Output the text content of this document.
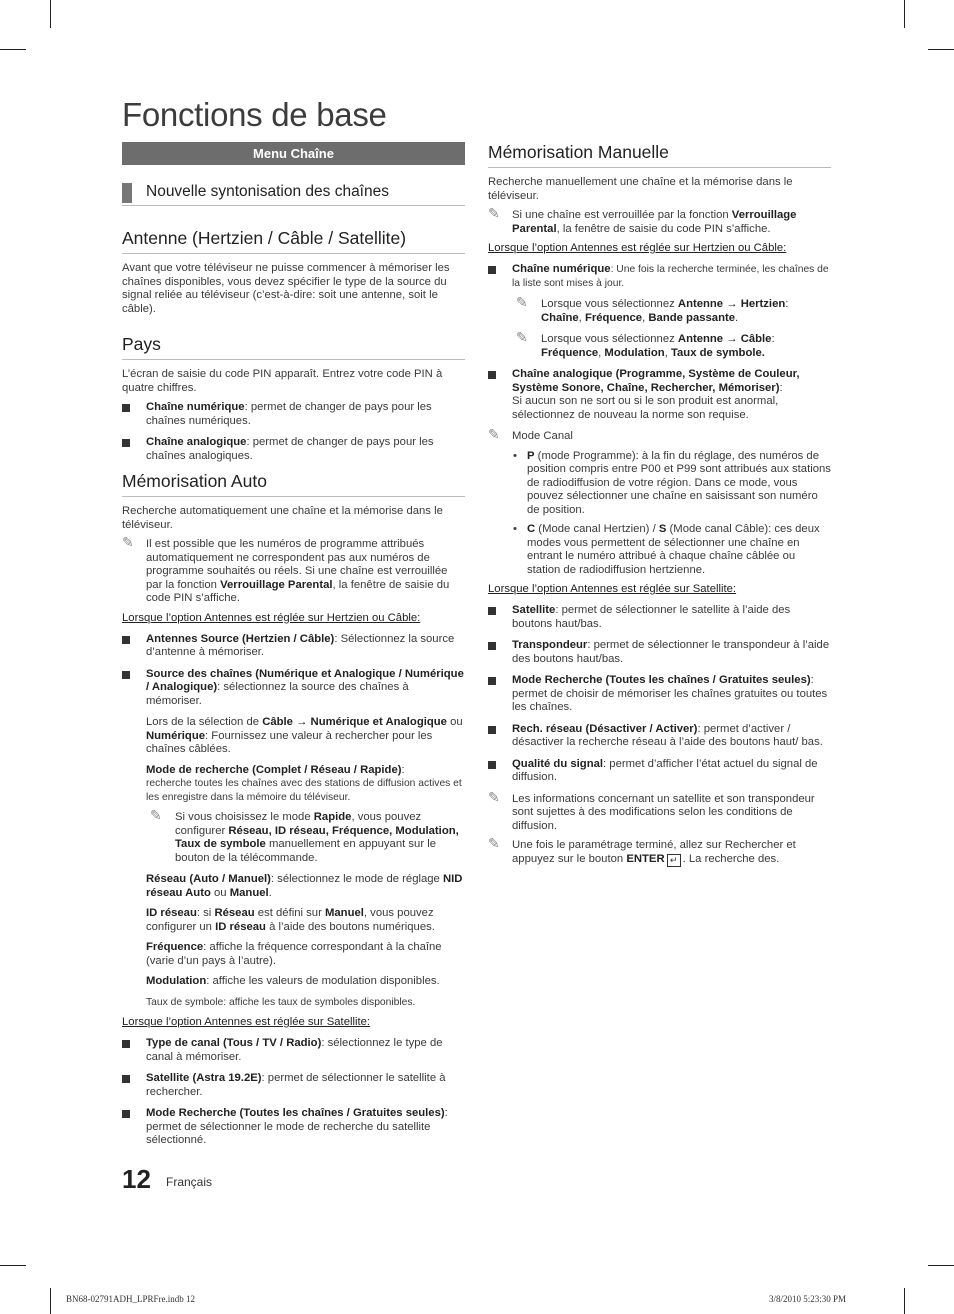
Fonctions de base
Menu Chaîne
Nouvelle syntonisation des chaînes
Antenne (Hertzien / Câble / Satellite)

Avant que votre téléviseur ne puisse commencer à mémoriser les chaînes disponibles, vous devez spécifier le type de la source du signal reliée au téléviseur (c’est-à-dire: soit une antenne, soit le câble).

Pays

L’écran de saisie du code PIN apparaît. Entrez votre code PIN à quatre chiffres.

Chaîne numérique: permet de changer de pays pour les chaînes numériques.
Chaîne analogique: permet de changer de pays pour les chaînes analogiques.
Mémorisation Auto

Recherche automatiquement une chaîne et la mémorise dans le téléviseur.

✎ Il est possible que les numéros de programme attribués automatiquement ne correspondent pas aux numéros de programme souhaités ou réels. Si une chaîne est verrouillée par la fonction Verrouillage Parental, la fenêtre de saisie du code PIN s’affiche.
Lorsque l’option Antennes est réglée sur Hertzien ou Câble:
Antennes Source (Hertzien / Câble): Sélectionnez la source d’antenne à mémoriser.
Source des chaînes (Numérique et Analogique / Numérique / Analogique): sélectionnez la source des chaînes à mémoriser.
Lors de la sélection de Câble → Numérique et Analogique ou Numérique: Fournissez une valeur à rechercher pour les chaînes câblées.
Mode de recherche (Complet / Réseau / Rapide):
recherche toutes les chaînes avec des stations de diffusion actives et les enregistre dans la mémoire du téléviseur.
✎ Si vous choisissez le mode Rapide, vous pouvez configurer Réseau, ID réseau, Fréquence, Modulation, Taux de symbole manuellement en appuyant sur le bouton de la télécommande.
Réseau (Auto / Manuel): sélectionnez le mode de réglage NID réseau Auto ou Manuel.
ID réseau: si Réseau est défini sur Manuel, vous pouvez configurer un ID réseau à l’aide des boutons numériques.
Fréquence: affiche la fréquence correspondant à la chaîne (varie d’un pays à l’autre).
Modulation: affiche les valeurs de modulation disponibles.
Taux de symbole: affiche les taux de symboles disponibles.
Lorsque l’option Antennes est réglée sur Satellite:
Type de canal (Tous / TV / Radio): sélectionnez le type de canal à mémoriser.
Satellite (Astra 19.2E): permet de sélectionner le satellite à rechercher.
Mode Recherche (Toutes les chaînes / Gratuites seules): permet de sélectionner le mode de recherche du satellite sélectionné.
Mémorisation Manuelle

Recherche manuellement une chaîne et la mémorise dans le téléviseur.

✎ Si une chaîne est verrouillée par la fonction Verrouillage Parental, la fenêtre de saisie du code PIN s’affiche.
Lorsque l’option Antennes est réglée sur Hertzien ou Câble:
Chaîne numérique: Une fois la recherche terminée, les chaînes de la liste sont mises à jour.
✎ Lorsque vous sélectionnez Antenne → Hertzien: Chaîne, Fréquence, Bande passante.
✎ Lorsque vous sélectionnez Antenne → Câble: Fréquence, Modulation, Taux de symbole.
Chaîne analogique (Programme, Système de Couleur, Système Sonore, Chaîne, Rechercher, Mémoriser):
Si aucun son ne sort ou si le son produit est anormal, sélectionnez de nouveau la norme son requise.
✎ Mode Canal
• P (mode Programme): à la fin du réglage, des numéros de position compris entre P00 et P99 sont attribués aux stations de radiodiffusion de votre région. Dans ce mode, vous pouvez sélectionner une chaîne en saisissant son numéro de position.
• C (Mode canal Hertzien) / S (Mode canal Câble): ces deux modes vous permettent de sélectionner une chaîne en entrant le numéro attribué à chaque chaîne câblée ou station de radiodiffusion hertzienne.
Lorsque l’option Antennes est réglée sur Satellite:
Satellite: permet de sélectionner le satellite à l’aide des boutons haut/bas.
Transpondeur: permet de sélectionner le transpondeur à l’aide des boutons haut/bas.
Mode Recherche (Toutes les chaînes / Gratuites seules): permet de choisir de mémoriser les chaînes gratuites ou toutes les chaînes.
Rech. réseau (Désactiver / Activer): permet d’activer / désactiver la recherche réseau à l’aide des boutons haut/ bas.
Qualité du signal: permet d’afficher l’état actuel du signal de diffusion.
✎ Les informations concernant un satellite et son transpondeur sont sujettes à des modifications selon les conditions de diffusion.
✎ Une fois le paramétrage terminé, allez sur Rechercher et appuyez sur le bouton ENTER ↵ . La recherche des.
12 Français
BN68-02791ADH_LPRFre.indb 12	3/8/2010 5:23:30 PM
